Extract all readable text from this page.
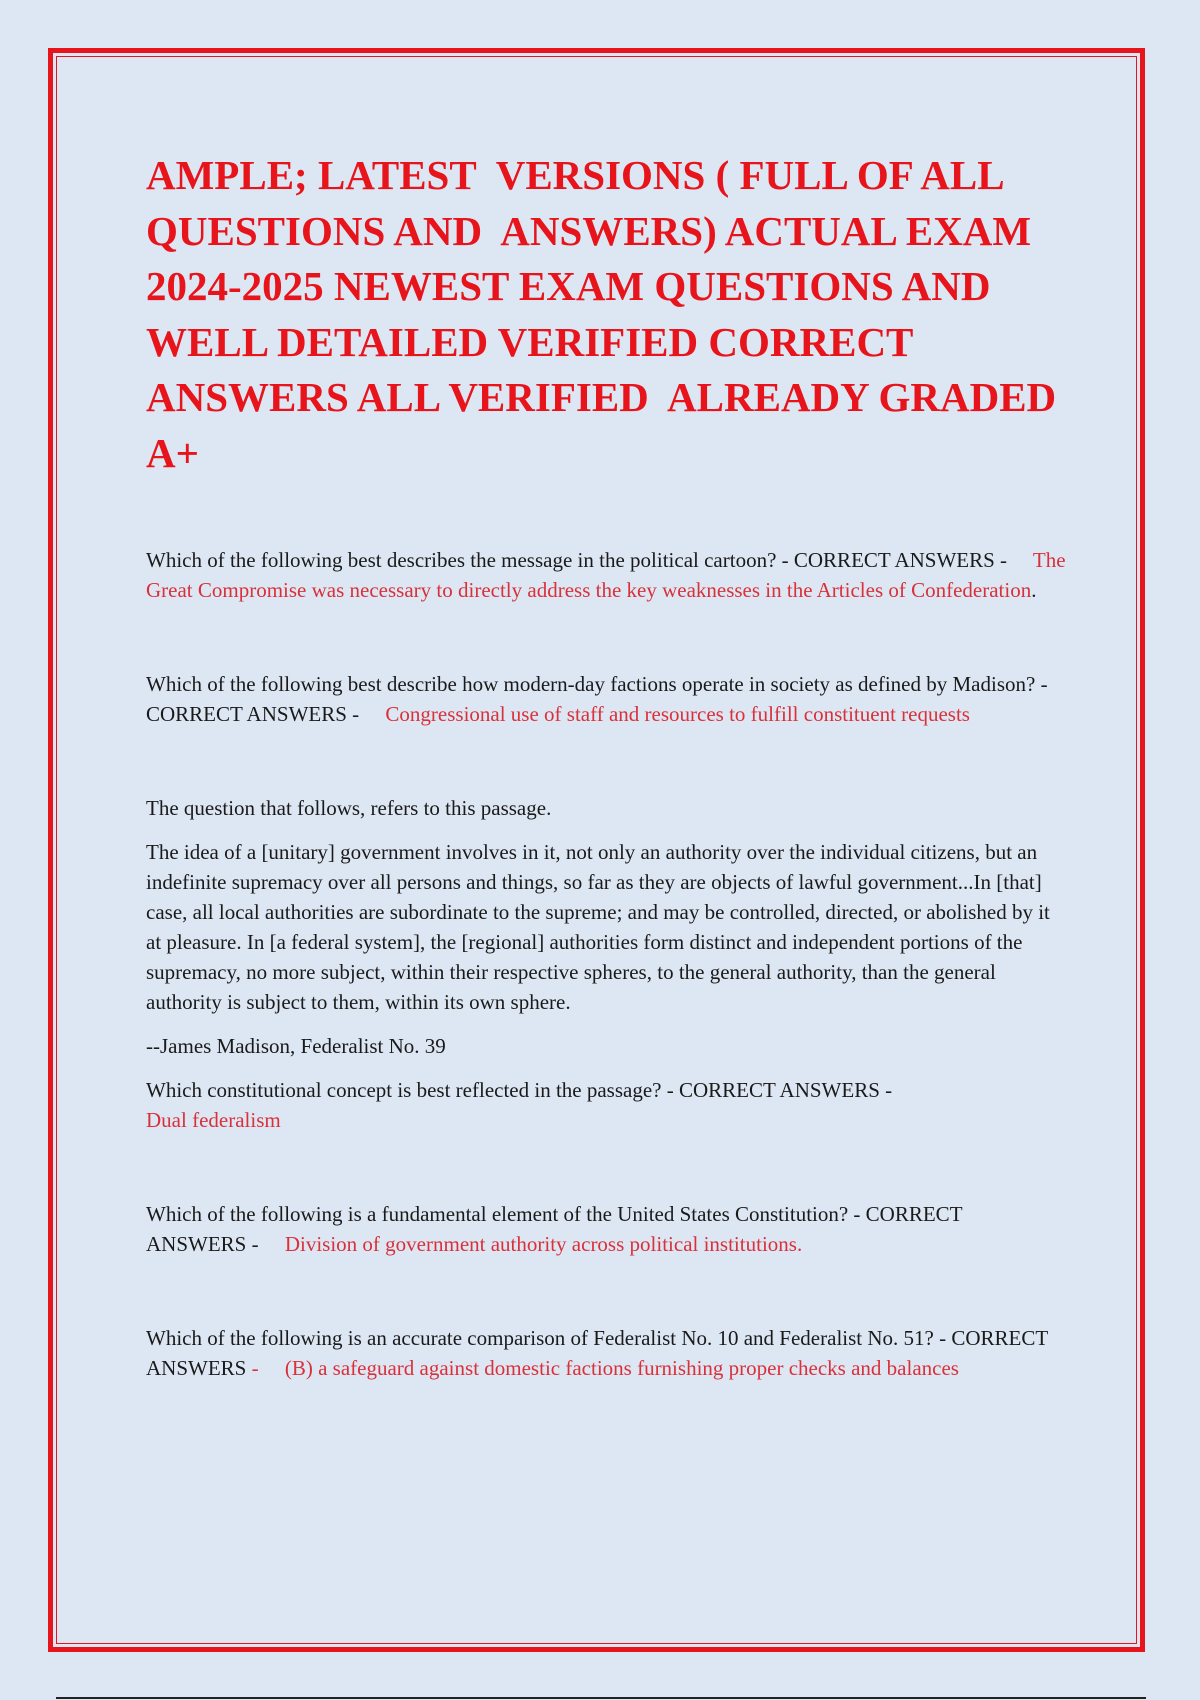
AMPLE; LATEST  VERSIONS ( FULL OF ALL QUESTIONS AND  ANSWERS) ACTUAL EXAM 2024-2025 NEWEST EXAM QUESTIONS AND WELL DETAILED VERIFIED CORRECT ANSWERS ALL VERIFIED  ALREADY GRADED A+

Which of the following best describes the message in the political cartoon? - CORRECT ANSWERS - The Great Compromise was necessary to directly address the key weaknesses in the Articles of Confederation.

Which of the following best describe how modern-day factions operate in society as defined by Madison? - CORRECT ANSWERS - Congressional use of staff and resources to fulfill constituent requests

The question that follows, refers to this passage.

The idea of a [unitary] government involves in it, not only an authority over the individual citizens, but an indefinite supremacy over all persons and things, so far as they are objects of lawful government...In [that] case, all local authorities are subordinate to the supreme; and may be controlled, directed, or abolished by it at pleasure. In [a federal system], the [regional] authorities form distinct and independent portions of the supremacy, no more subject, within their respective spheres, to the general authority, than the general authority is subject to them, within its own sphere.

--James Madison, Federalist No. 39

Which constitutional concept is best reflected in the passage? - CORRECT ANSWERS -
Dual federalism

Which of the following is a fundamental element of the United States Constitution? - CORRECT ANSWERS - Division of government authority across political institutions.

Which of the following is an accurate comparison of Federalist No. 10 and Federalist No. 51? - CORRECT ANSWERS - (B) a safeguard against domestic factions furnishing proper checks and balances
